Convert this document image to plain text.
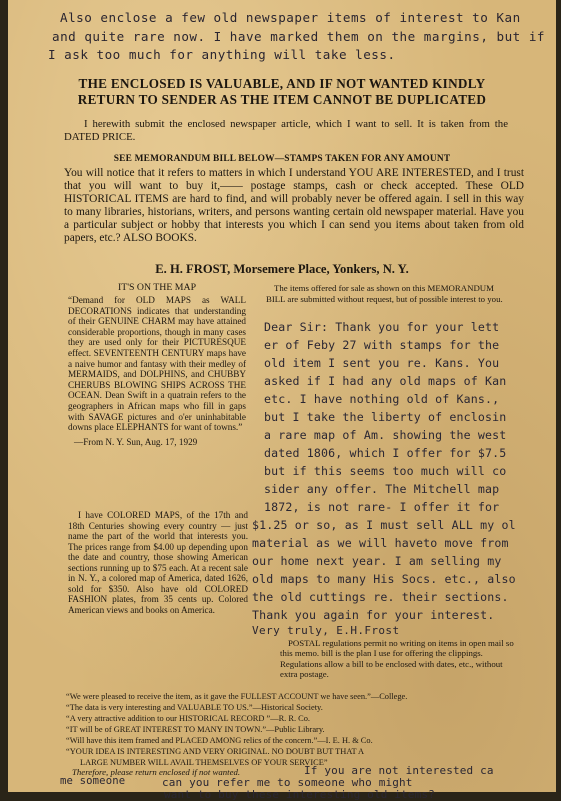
Also enclose a few old newspaper items of interest to Kan
and quite rare now. I have marked them on the margins, but if
I ask too much for anything will take less.
THE ENCLOSED IS VALUABLE, AND IF NOT WANTED KINDLY
RETURN TO SENDER AS THE ITEM CANNOT BE DUPLICATED
I herewith submit the enclosed newspaper article, which I want to sell. It is taken from the DATED PRICE.
SEE MEMORANDUM BILL BELOW—STAMPS TAKEN FOR ANY AMOUNT
You will notice that it refers to matters in which I understand YOU ARE INTERESTED, and I trust that you will want to buy it,—— postage stamps, cash or check accepted. These OLD HISTORICAL ITEMS are hard to find, and will probably never be offered again. I sell in this way to many libraries, historians, writers, and persons wanting certain old newspaper material. Have you a particular subject or hobby that interests you which I can send you items about taken from old papers, etc.? ALSO BOOKS.
E. H. FROST, Morsemere Place, Yonkers, N. Y.
IT'S ON THE MAP
“Demand for OLD MAPS as WALL DECORATIONS indicates that understanding of their GENUINE CHARM may have attained considerable proportions, though in many cases they are used only for their PICTURESQUE effect. SEVENTEENTH CENTURY maps have a naive humor and fantasy with their medley of MERMAIDS, and DOLPHINS, and CHUBBY CHERUBS BLOWING SHIPS ACROSS THE OCEAN. Dean Swift in a quatrain refers to the geographers in African maps who fill in gaps with SAVAGE pictures and o'er uninhabitable downs place ELEPHANTS for want of towns.”
—From N. Y. Sun, Aug. 17, 1929
I have COLORED MAPS, of the 17th and 18th Centuries showing every country — just name the part of the world that interests you. The prices range from $4.00 up depending upon the date and country, those showing American sections running up to $75 each. At a recent sale in N. Y., a colored map of America, dated 1626, sold for $350. Also have old COLORED FASHION plates, from 35 cents up. Colored American views and books on America.
The items offered for sale as shown on this MEMORANDUM BILL are submitted without request, but of possible interest to you.
Dear Sir: Thank you for your lett
er of Feby 27 with stamps for the
old item I sent you re. Kans. You
asked if I had any old maps of Kan
etc. I have nothing old of Kans.,
but I take the liberty of enclosin
a rare map of Am. showing the west
dated 1806, which I offer for $7.5
but if this seems too much will co
sider any offer. The Mitchell map
1872, is not rare- I offer it for
$1.25 or so, as I must sell ALL my ol
material as we will haveto move from
our home next year. I am selling my
old maps to many His Socs. etc., also
the old cuttings re. their sections.
Thank you again for your interest.
Very truly, E.H.Frost
POSTAL regulations permit no writing on items in open mail so this memo. bill is the plan I use for offering the clippings. Regulations allow a bill to be enclosed with dates, etc., without extra postage.
“We were pleased to receive the item, as it gave the FULLEST ACCOUNT we have seen.”—College.
“The data is very interesting and VALUABLE TO US.”—Historical Society.
“A very attractive addition to our HISTORICAL RECORD ”—R. R. Co.
“IT will be of GREAT INTEREST TO MANY IN TOWN.”—Public Library.
“Will have this item framed and PLACED AMONG relics of the concern.”—I. E. H. & Co.
“YOUR IDEA IS INTERESTING AND VERY ORIGINAL. NO DOUBT BUT THAT A
LARGE NUMBER WILL AVAIL THEMSELVES OF YOUR SERVICE”
Therefore, please return enclosed if not wanted.
me someone
If you are not interested ca
can you refer me to someone who might
want to buy these interesting old items?
